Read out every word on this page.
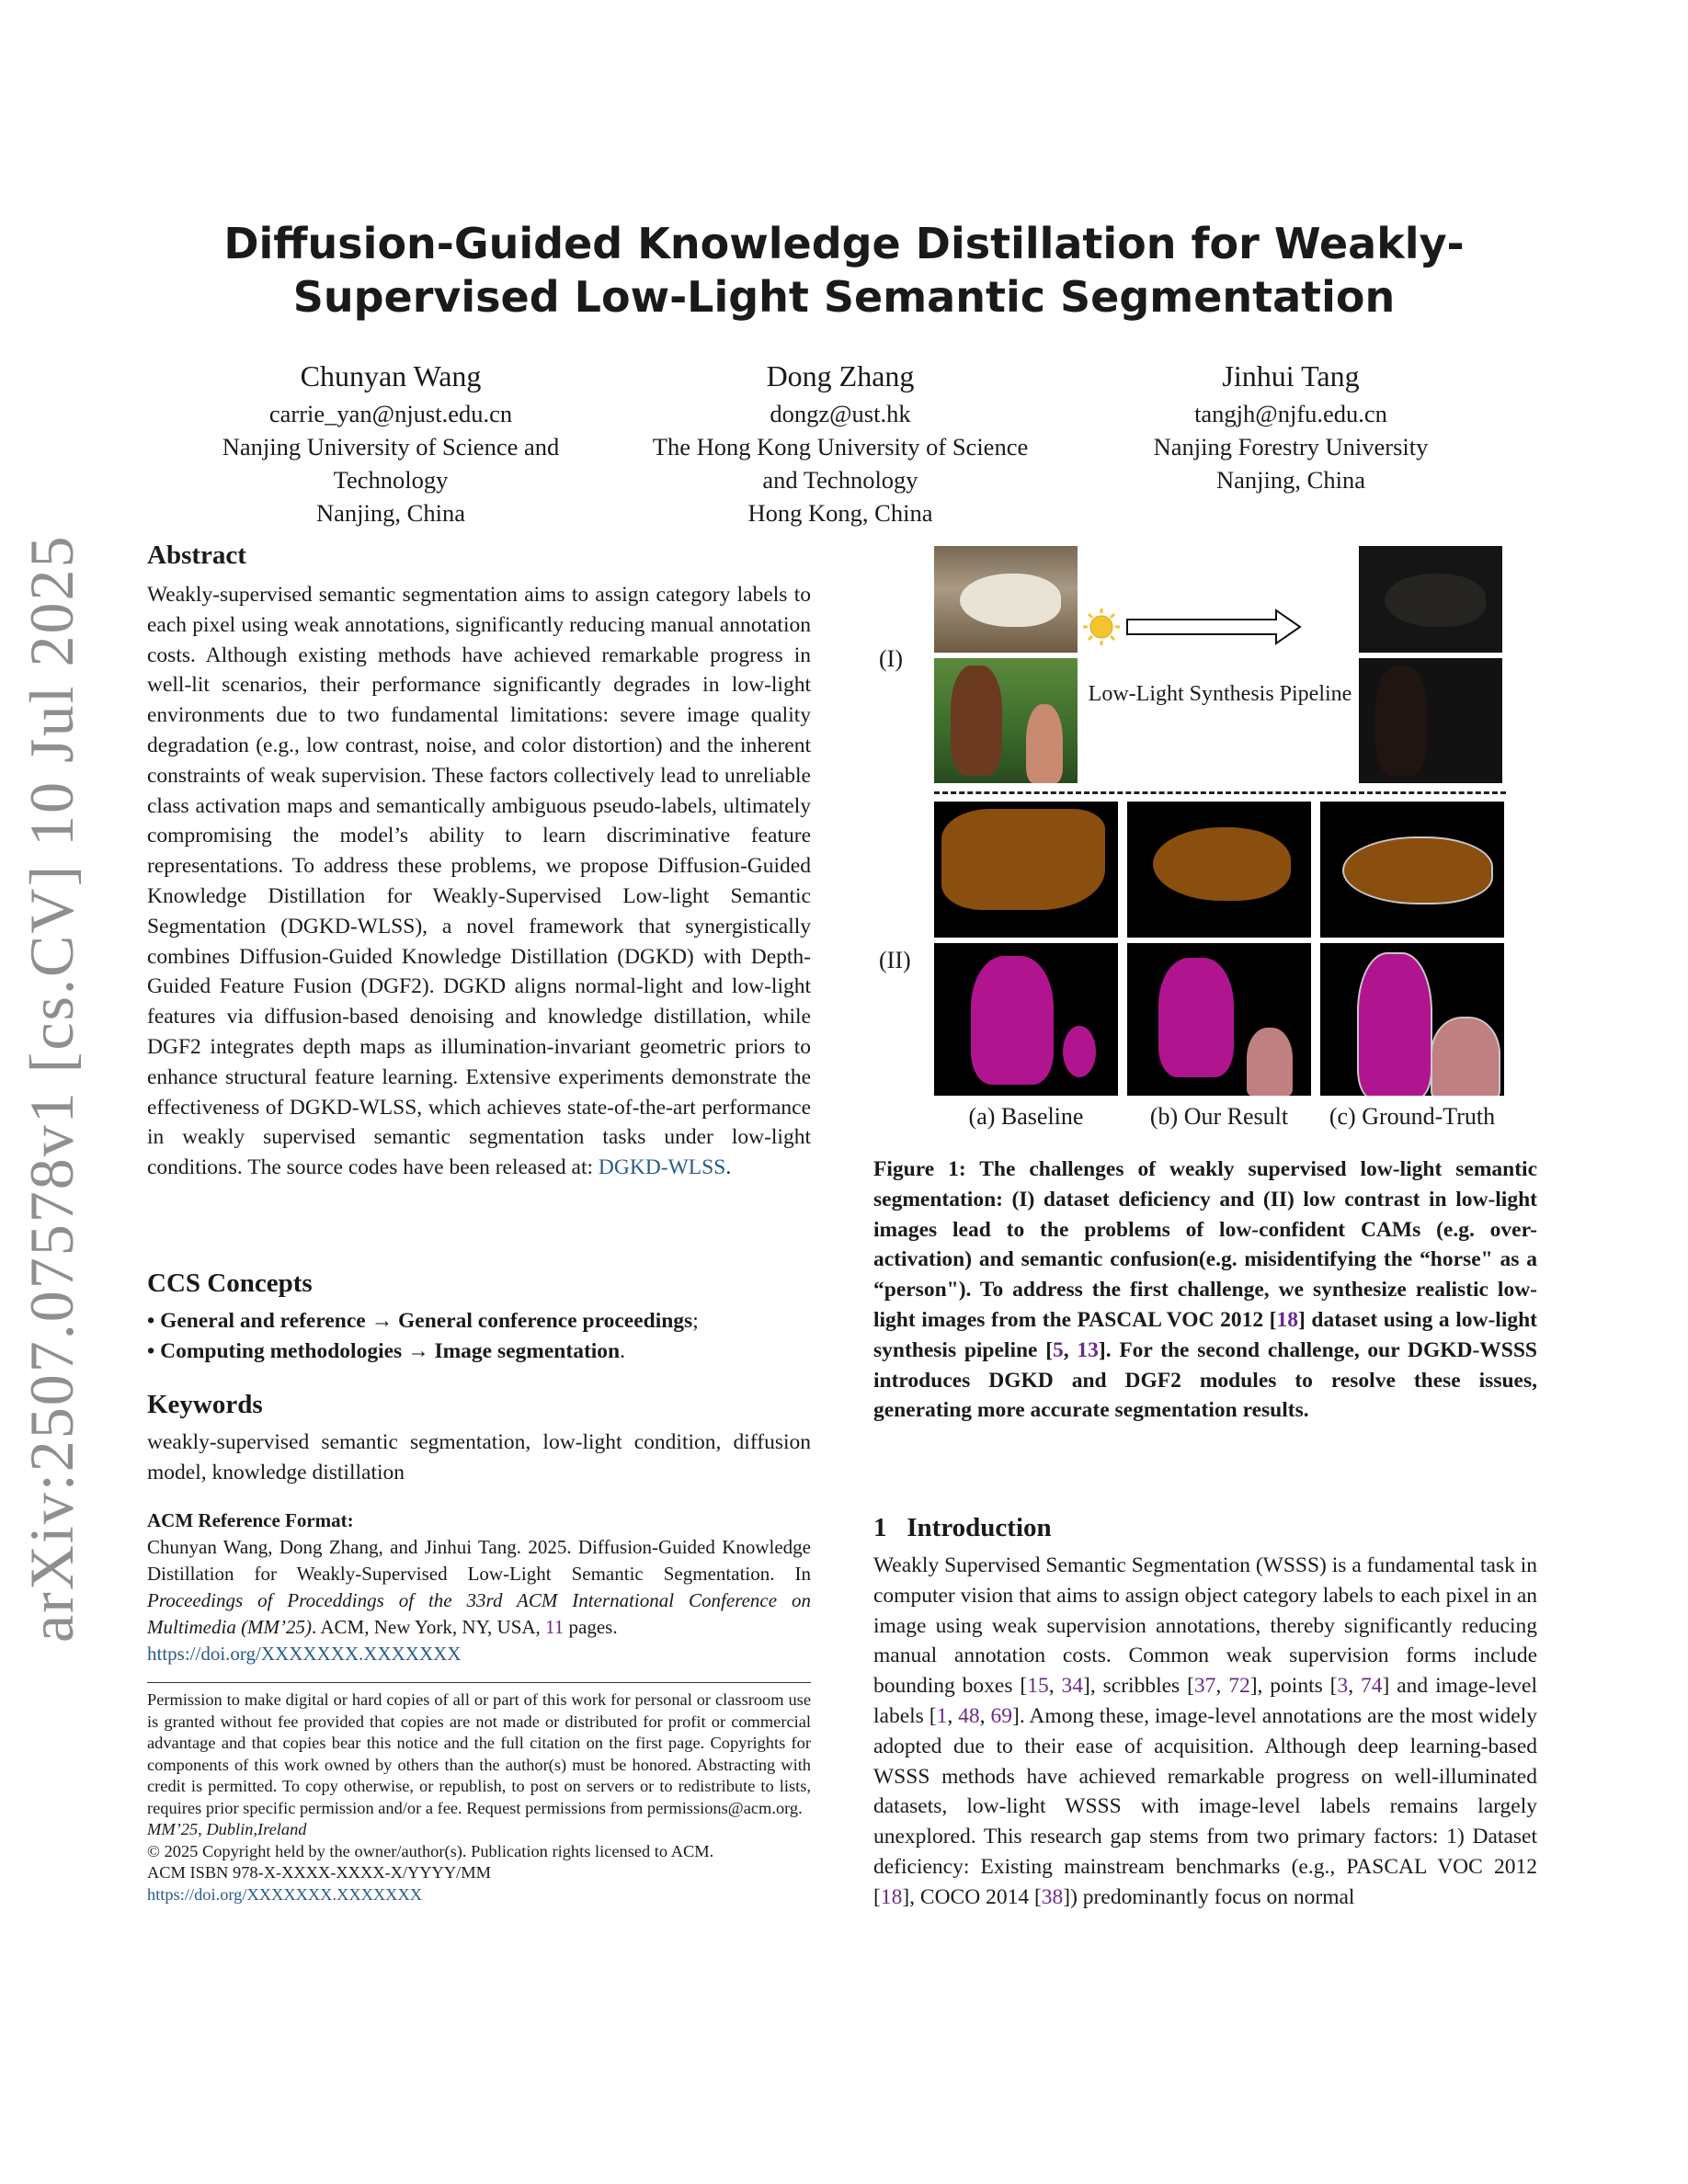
arXiv:2507.07578v1 [cs.CV] 10 Jul 2025
Diffusion-Guided Knowledge Distillation for Weakly-Supervised Low-Light Semantic Segmentation
Chunyan Wang
carrie_yan@njust.edu.cn
Nanjing University of Science and
Technology
Nanjing, China
Dong Zhang
dongz@ust.hk
The Hong Kong University of Science
and Technology
Hong Kong, China
Jinhui Tang
tangjh@njfu.edu.cn
Nanjing Forestry University
Nanjing, China
Abstract
Weakly-supervised semantic segmentation aims to assign category labels to each pixel using weak annotations, significantly reducing manual annotation costs. Although existing methods have achieved remarkable progress in well-lit scenarios, their performance significantly degrades in low-light environments due to two fundamental limitations: severe image quality degradation (e.g., low contrast, noise, and color distortion) and the inherent constraints of weak supervision. These factors collectively lead to unreliable class activation maps and semantically ambiguous pseudo-labels, ultimately compromising the model’s ability to learn discriminative feature representations. To address these problems, we propose Diffusion-Guided Knowledge Distillation for Weakly-Supervised Low-light Semantic Segmentation (DGKD-WLSS), a novel framework that synergistically combines Diffusion-Guided Knowledge Distillation (DGKD) with Depth-Guided Feature Fusion (DGF2). DGKD aligns normal-light and low-light features via diffusion-based denoising and knowledge distillation, while DGF2 integrates depth maps as illumination-invariant geometric priors to enhance structural feature learning. Extensive experiments demonstrate the effectiveness of DGKD-WLSS, which achieves state-of-the-art performance in weakly supervised semantic segmentation tasks under low-light conditions. The source codes have been released at: DGKD-WLSS.
CCS Concepts
• General and reference → General conference proceedings;
• Computing methodologies → Image segmentation.
Keywords
weakly-supervised semantic segmentation, low-light condition, diffusion model, knowledge distillation
ACM Reference Format:
Chunyan Wang, Dong Zhang, and Jinhui Tang. 2025. Diffusion-Guided Knowledge Distillation for Weakly-Supervised Low-Light Semantic Segmentation. In Proceedings of Proceddings of the 33rd ACM International Conference on Multimedia (MM’25). ACM, New York, NY, USA, 11 pages.
https://doi.org/XXXXXXX.XXXXXXX
Permission to make digital or hard copies of all or part of this work for personal or classroom use is granted without fee provided that copies are not made or distributed for profit or commercial advantage and that copies bear this notice and the full citation on the first page. Copyrights for components of this work owned by others than the author(s) must be honored. Abstracting with credit is permitted. To copy otherwise, or republish, to post on servers or to redistribute to lists, requires prior specific permission and/or a fee. Request permissions from permissions@acm.org.
MM’25, Dublin,Ireland
© 2025 Copyright held by the owner/author(s). Publication rights licensed to ACM.
ACM ISBN 978-X-XXXX-XXXX-X/YYYY/MM
https://doi.org/XXXXXXX.XXXXXXX
(I)
(II)
Low-Light Synthesis Pipeline
(a) Baseline	(b) Our Result	(c) Ground-Truth
Figure 1: The challenges of weakly supervised low-light semantic segmentation: (I) dataset deficiency and (II) low contrast in low-light images lead to the problems of low-confident CAMs (e.g. over-activation) and semantic confusion(e.g. misidentifying the “horse" as a “person"). To address the first challenge, we synthesize realistic low-light images from the PASCAL VOC 2012 [18] dataset using a low-light synthesis pipeline [5, 13]. For the second challenge, our DGKD-WSSS introduces DGKD and DGF2 modules to resolve these issues, generating more accurate segmentation results.
1 Introduction
Weakly Supervised Semantic Segmentation (WSSS) is a fundamental task in computer vision that aims to assign object category labels to each pixel in an image using weak supervision annotations, thereby significantly reducing manual annotation costs. Common weak supervision forms include bounding boxes [15, 34], scribbles [37, 72], points [3, 74] and image-level labels [1, 48, 69]. Among these, image-level annotations are the most widely adopted due to their ease of acquisition. Although deep learning-based WSSS methods have achieved remarkable progress on well-illuminated datasets, low-light WSSS with image-level labels remains largely unexplored. This research gap stems from two primary factors: 1) Dataset deficiency: Existing mainstream benchmarks (e.g., PASCAL VOC 2012 [18], COCO 2014 [38]) predominantly focus on normal
